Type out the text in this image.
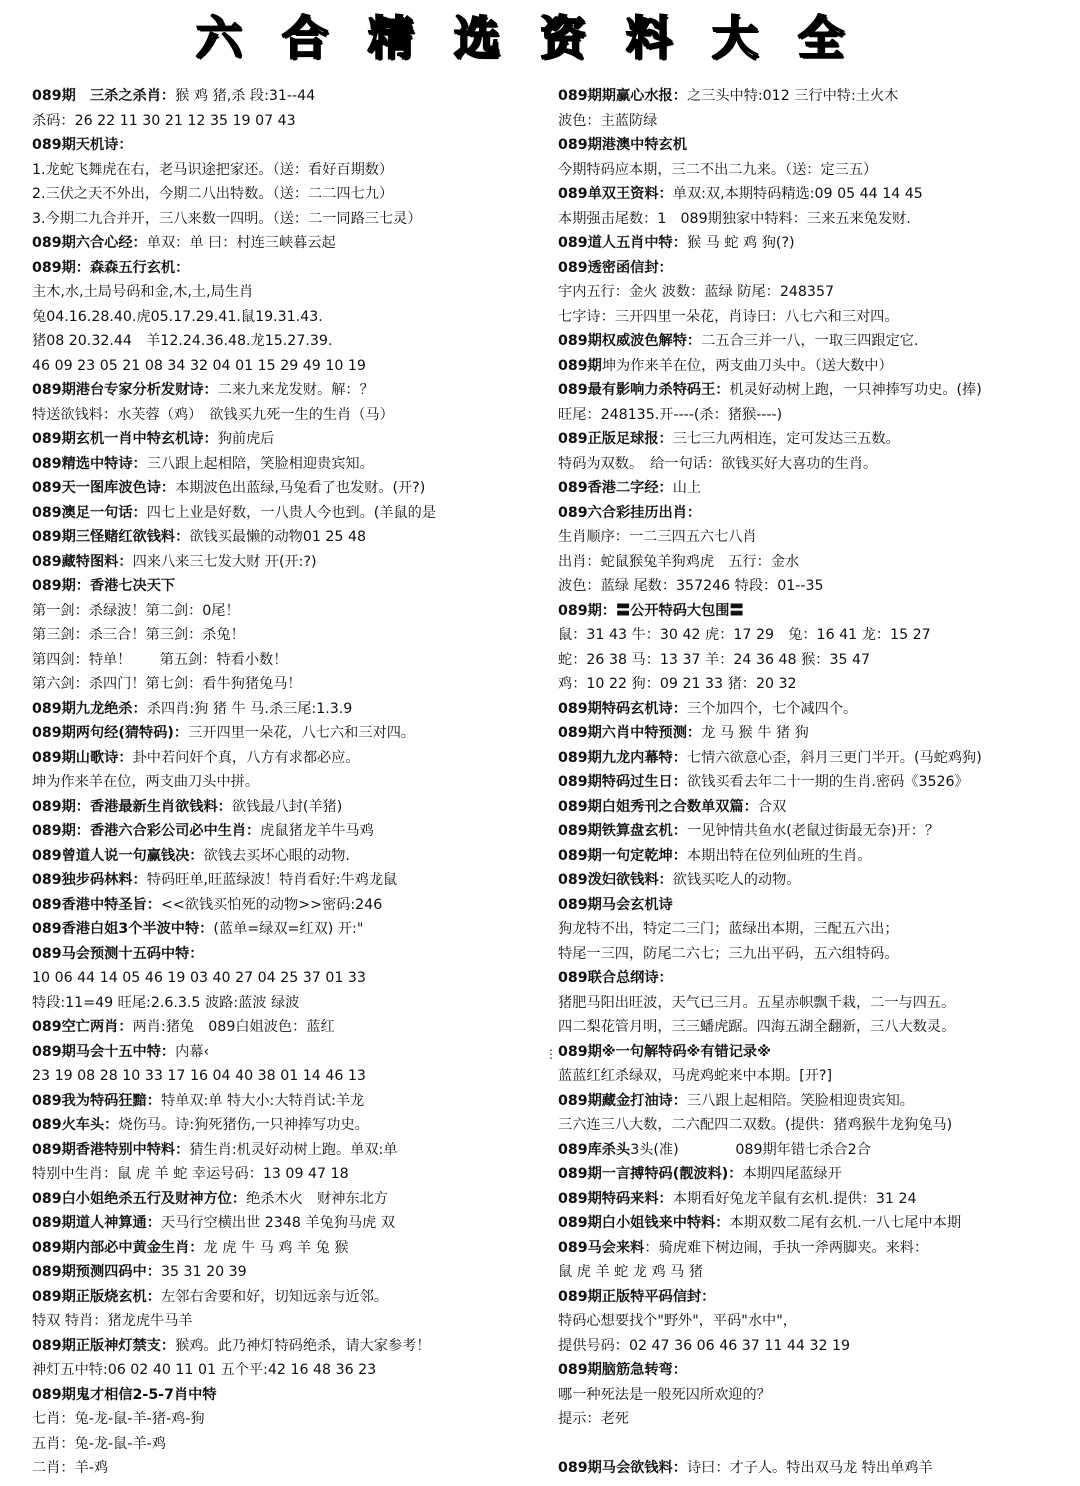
六合精选资料大全
089期　三杀之杀肖：猴 鸡 猪,杀 段:31--44
杀码：26 22 11 30 21 12 35 19 07 43
089期天机诗：
1.龙蛇飞舞虎在右，老马识途把家还。（送：看好百期数）
2.三伏之天不外出，今期二八出特数。（送：二二四七九）
3.今期二九合并开，三八来数一四明。（送：二一同路三七灵）
089期六合心经：单双：单 曰：村连三峡暮云起
089期：森森五行玄机：
主木,水,土局号码和金,木,土,局生肖
兔04.16.28.40.虎05.17.29.41.鼠19.31.43.
猪08 20.32.44　羊12.24.36.48.龙15.27.39.
46 09 23 05 21 08 34 32 04 01 15 29 49 10 19
089期港台专家分析发财诗：二来九来龙发财。解：？
特送欲钱料：水芙蓉（鸡）　欲钱买九死一生的生肖（马）
089期玄机一肖中特玄机诗：狗前虎后
089精选中特诗：三八跟上起相陪，笑脸相迎贵宾知。
089天一图库波色诗：本期波色出蓝绿,马兔看了也发财。(开?)
089澳足一句话：四七上业是好数，一八贵人今也到。(羊鼠的是
089期三怪赌红欲钱料：欲钱买最懒的动物01 25 48
089藏特图料：四来八来三七发大财 开(开:?)
089期：香港七决天下
第一剑：杀绿波！第二剑：0尾！
第三剑：杀三合！第三剑：杀兔！
第四剑：特单！　　第五剑：特看小数！
第六剑：杀四门！第七剑：看牛狗猪兔马！
089期九龙绝杀：杀四肖:狗 猪 牛 马.杀三尾:1.3.9
089期两句经(猜特码)：三开四里一朵花，八七六和三对四。
089期山歌诗：卦中若问奸个真，八方有求都必应。
坤为作来羊在位，两支曲刀头中拼。
089期：香港最新生肖欲钱料：欲钱最八封(羊猪)
089期：香港六合彩公司必中生肖：虎鼠猪龙羊牛马鸡
089曾道人说一句赢钱决：欲钱去买坏心眼的动物.
089独步码林料：特码旺单,旺蓝绿波！特肖看好:牛鸡龙鼠
089香港中特圣旨：<<欲钱买怕死的动物>>密码:246
089香港白姐3个半波中特：(蓝单=绿双=红双) 开:"
089马会预测十五码中特：
10 06 44 14 05 46 19 03 40 27 04 25 37 01 33
特段:11=49 旺尾:2.6.3.5 波路:蓝波 绿波
089空亡两肖：两肖:猪兔　089白姐波色：蓝红
089期马会十五中特：内幕‹
23 19 08 28 10 33 17 16 04 40 38 01 14 46 13
089我为特码狂黯：特单双:单 特大小:大特肖试:羊龙
089火车头：烧伤马。诗:狗死猪伤,一只神捧写功史。
089期香港特别中特料：猜生肖:机灵好动树上跑。单双:单
特别中生肖：鼠 虎 羊 蛇 幸运号码：13 09 47 18
089白小姐绝杀五行及财神方位：绝杀木火　财神东北方
089期道人神算通：天马行空横出世 2348 羊兔狗马虎 双
089期内部必中黄金生肖：龙 虎 牛 马 鸡 羊 兔 猴
089期预测四码中：35 31 20 39
089期正版烧玄机：左邻右舍要和好，切知远亲与近邻。
特双 特肖：猪龙虎牛马羊
089期正版神灯禁支：猴鸡。此乃神灯特码绝杀，请大家参考！
神灯五中特:06 02 40 11 01 五个平:42 16 48 36 23
089期鬼才相信2-5-7肖中特
七肖：兔-龙-鼠-羊-猪-鸡-狗
五肖：兔-龙-鼠-羊-鸡
二肖：羊-鸡
089期期赢心水报：之三头中特:012 三行中特:土火木
波色：主蓝防绿
089期港澳中特玄机
今期特码应本期，三二不出二九来。（送：定三五）
089单双王资料：单双:双,本期特码精选:09 05 44 14 45
本期强击尾数：1　089期独家中特料：三来五来兔发财.
089道人五肖中特：猴 马 蛇 鸡 狗(?)
089透密函信封：
宇内五行：金火 波数：蓝绿 防尾：248357
七字诗：三开四里一朵花，肖诗曰：八七六和三对四。
089期权威波色解特：二五合三并一八，一取三四跟定它.
089期坤为作来羊在位，两支曲刀头中。（送大数中）
089最有影响力杀特码王：机灵好动树上跑，一只神捧写功史。(捧)
旺尾：248135.开----(杀：猪猴----)
089正版足球报：三七三九两相连，定可发达三五数。
特码为双数。　给一句话：欲钱买好大喜功的生肖。
089香港二字经：山上
089六合彩挂历出肖：
生肖顺序：一二三四五六七八肖
出肖：蛇鼠猴兔羊狗鸡虎　五行：金水
波色：蓝绿 尾数：357246 特段：01--35
089期：〓公开特码大包围〓
鼠：31 43 牛：30 42 虎：17 29　兔：16 41 龙：15 27
蛇：26 38 马：13 37 羊：24 36 48 猴：35 47
鸡：10 22 狗：09 21 33 猪：20 32
089期特码玄机诗：三个加四个，七个减四个。
089期六肖中特预测：龙 马 猴 牛 猪 狗
089期九龙内幕特：七情六欲意心歪，斜月三更门半开。(马蛇鸡狗)
089期特码过生日：欲钱买看去年二十一期的生肖.密码《3526》
089期白姐秀刊之合数单双篇：合双
089期铁算盘玄机：一见钟情共鱼水(老鼠过街最无奈)开：？
089期一句定乾坤：本期出特在位列仙班的生肖。
089泼妇欲钱料：欲钱买吃人的动物。
089期马会玄机诗
狗龙特不出，特定二三门；蓝绿出本期，三配五六出；
特尾一三四，防尾二六七；三九出平码，五六组特码。
089联合总纲诗：
猪肥马阳出旺波，天气已三月。五星赤帜飘千栽，二一与四五。
四二梨花管月明，三三蟠虎踞。四海五湖全翻新，三八大数灵。
089期※一句解特码※有错记录※
蓝蓝红红杀绿双，马虎鸡蛇来中本期。[开?]
089期藏金打油诗：三八跟上起相陪。笑脸相迎贵宾知。
三六连三八大数，二六配四二双数。(提供：猪鸡猴牛龙狗兔马)
089库杀头3头(准)　　　　089期年错七杀合2合
089期一言搏特码(靓波料)：本期四尾蓝绿开
089期特码来料：本期看好兔龙羊鼠有玄机.提供：31 24
089期白小姐钱来中特料：本期双数二尾有玄机.一八七尾中本期
089马会来料：骑虎难下树边闹，手执一斧两脚夹。来料：
鼠 虎 羊 蛇 龙 鸡 马 猪
089期正版特平码信封：
特码心想要找个"野外"，平码"水中"，
提供号码：02 47 36 06 46 37 11 44 32 19
089期脑筋急转弯：
哪一种死法是一般死囚所欢迎的？
提示：老死
089期马会欲钱料：诗曰：才子人。特出双马龙 特出单鸡羊
⋮
